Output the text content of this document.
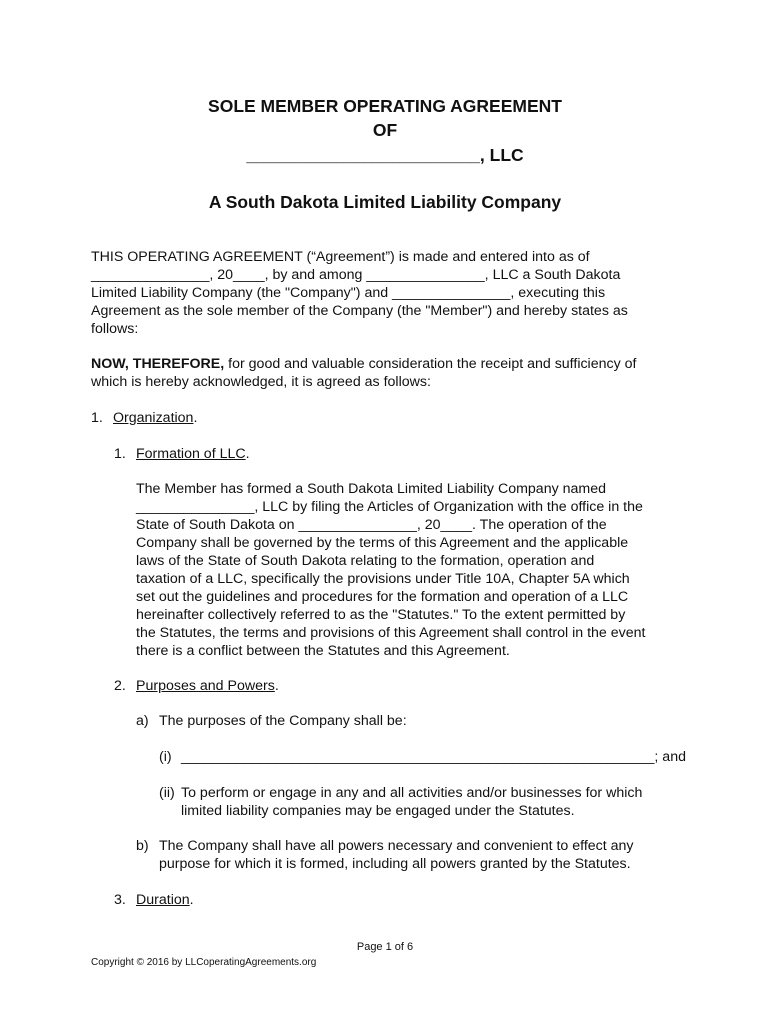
SOLE MEMBER OPERATING AGREEMENT
OF
________________________, LLC
A South Dakota Limited Liability Company
THIS OPERATING AGREEMENT (“Agreement”) is made and entered into as of
_______________, 20____, by and among _______________, LLC a South Dakota
Limited Liability Company (the "Company") and _______________, executing this
Agreement as the sole member of the Company (the "Member") and hereby states as
follows:
NOW, THEREFORE, for good and valuable consideration the receipt and sufficiency of
which is hereby acknowledged, it is agreed as follows:
1. Organization.
1. Formation of LLC.
The Member has formed a South Dakota Limited Liability Company named
_______________, LLC by filing the Articles of Organization with the office in the
State of South Dakota on _______________, 20____. The operation of the
Company shall be governed by the terms of this Agreement and the applicable
laws of the State of South Dakota relating to the formation, operation and
taxation of a LLC, specifically the provisions under Title 10A, Chapter 5A which
set out the guidelines and procedures for the formation and operation of a LLC
hereinafter collectively referred to as the "Statutes." To the extent permitted by
the Statutes, the terms and provisions of this Agreement shall control in the event
there is a conflict between the Statutes and this Agreement.
2. Purposes and Powers.
a) The purposes of the Company shall be:
(i) ____________________________________________________________; and
(ii) To perform or engage in any and all activities and/or businesses for which
limited liability companies may be engaged under the Statutes.
b) The Company shall have all powers necessary and convenient to effect any
purpose for which it is formed, including all powers granted by the Statutes.
3. Duration.
Page 1 of 6
Copyright © 2016 by LLCoperatingAgreements.org
